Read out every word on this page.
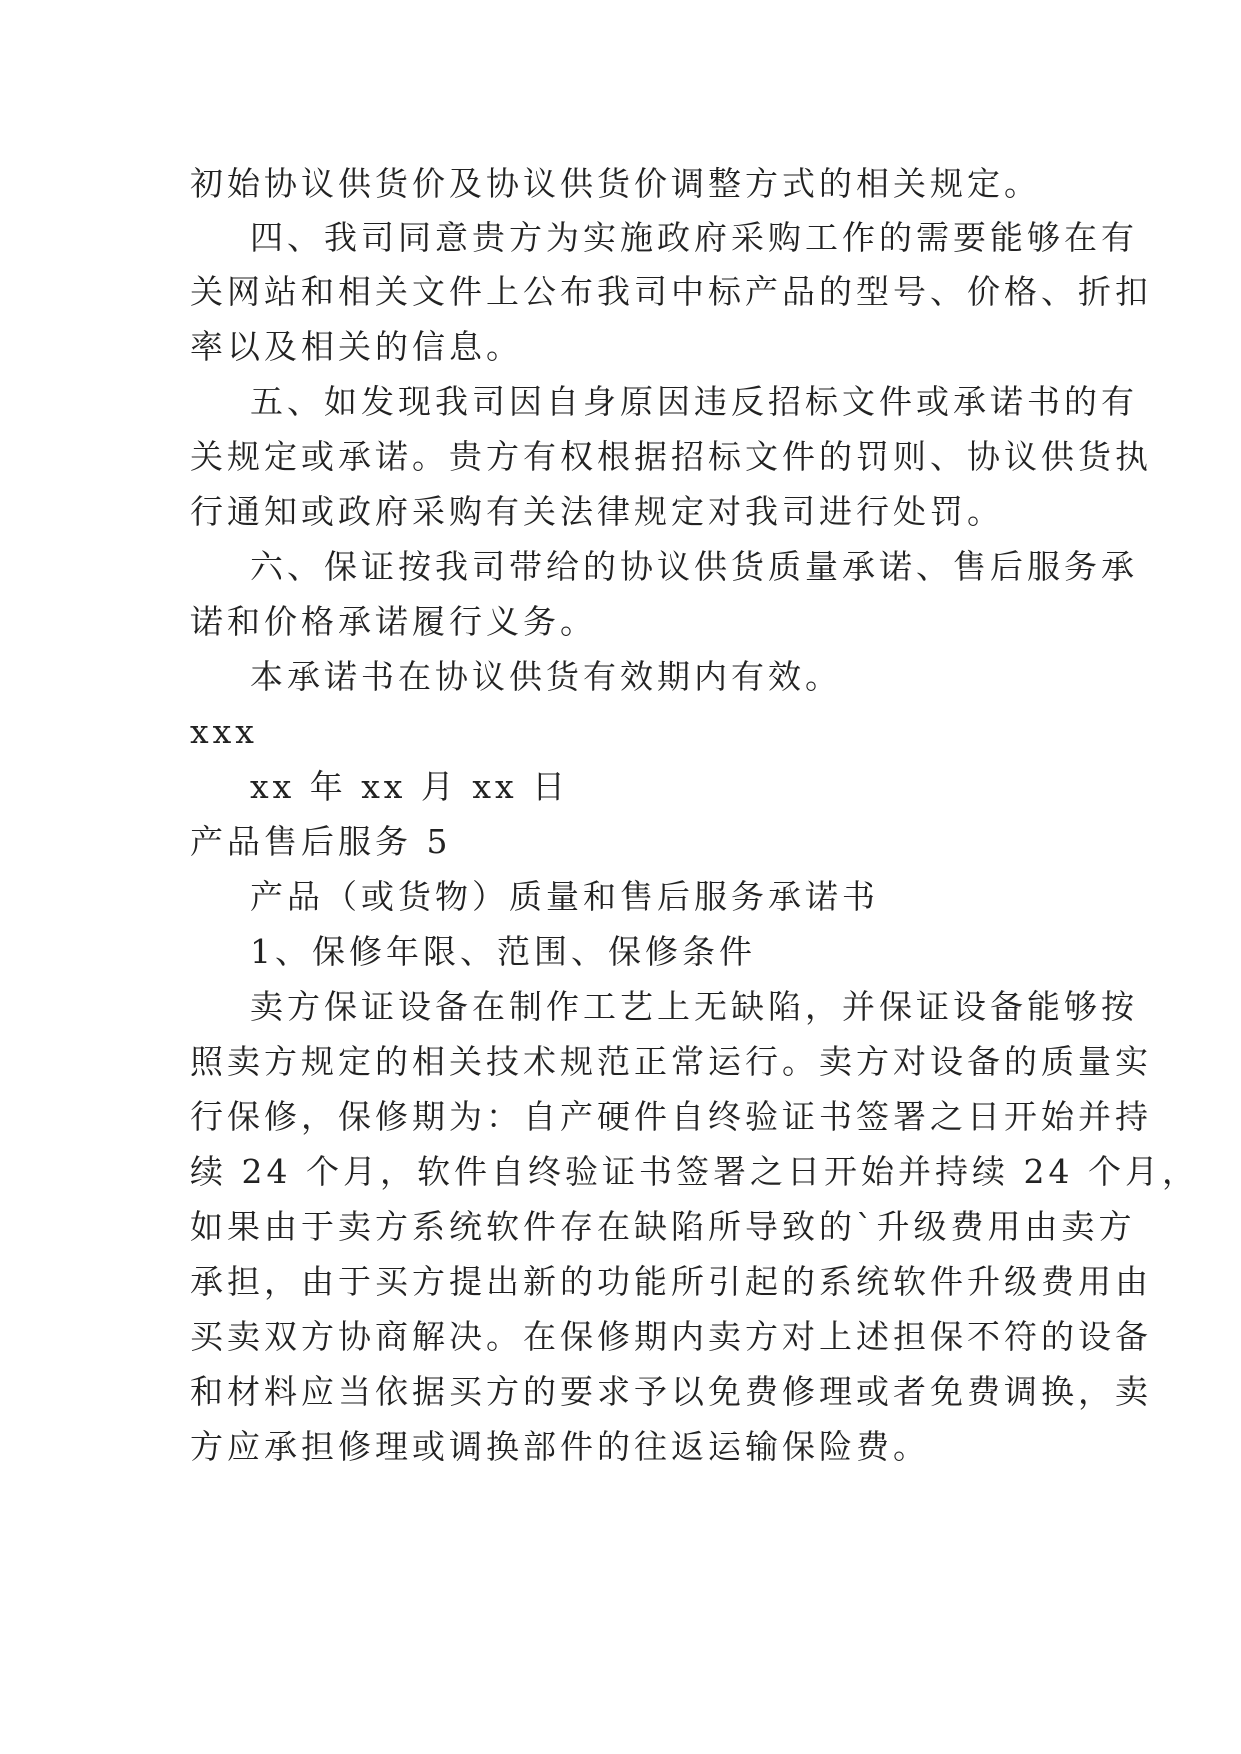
初始协议供货价及协议供货价调整方式的相关规定。
四、我司同意贵方为实施政府采购工作的需要能够在有
关网站和相关文件上公布我司中标产品的型号、价格、折扣
率以及相关的信息。
五、如发现我司因自身原因违反招标文件或承诺书的有
关规定或承诺。贵方有权根据招标文件的罚则、协议供货执
行通知或政府采购有关法律规定对我司进行处罚。
六、保证按我司带给的协议供货质量承诺、售后服务承
诺和价格承诺履行义务。
本承诺书在协议供货有效期内有效。
xxx
xx 年 xx 月 xx 日
产品售后服务 5
产品（或货物）质量和售后服务承诺书
1、保修年限、范围、保修条件
卖方保证设备在制作工艺上无缺陷，并保证设备能够按
照卖方规定的相关技术规范正常运行。卖方对设备的质量实
行保修，保修期为：自产硬件自终验证书签署之日开始并持
续 24 个月，软件自终验证书签署之日开始并持续 24 个月，
如果由于卖方系统软件存在缺陷所导致的`升级费用由卖方
承担，由于买方提出新的功能所引起的系统软件升级费用由
买卖双方协商解决。在保修期内卖方对上述担保不符的设备
和材料应当依据买方的要求予以免费修理或者免费调换，卖
方应承担修理或调换部件的往返运输保险费。
